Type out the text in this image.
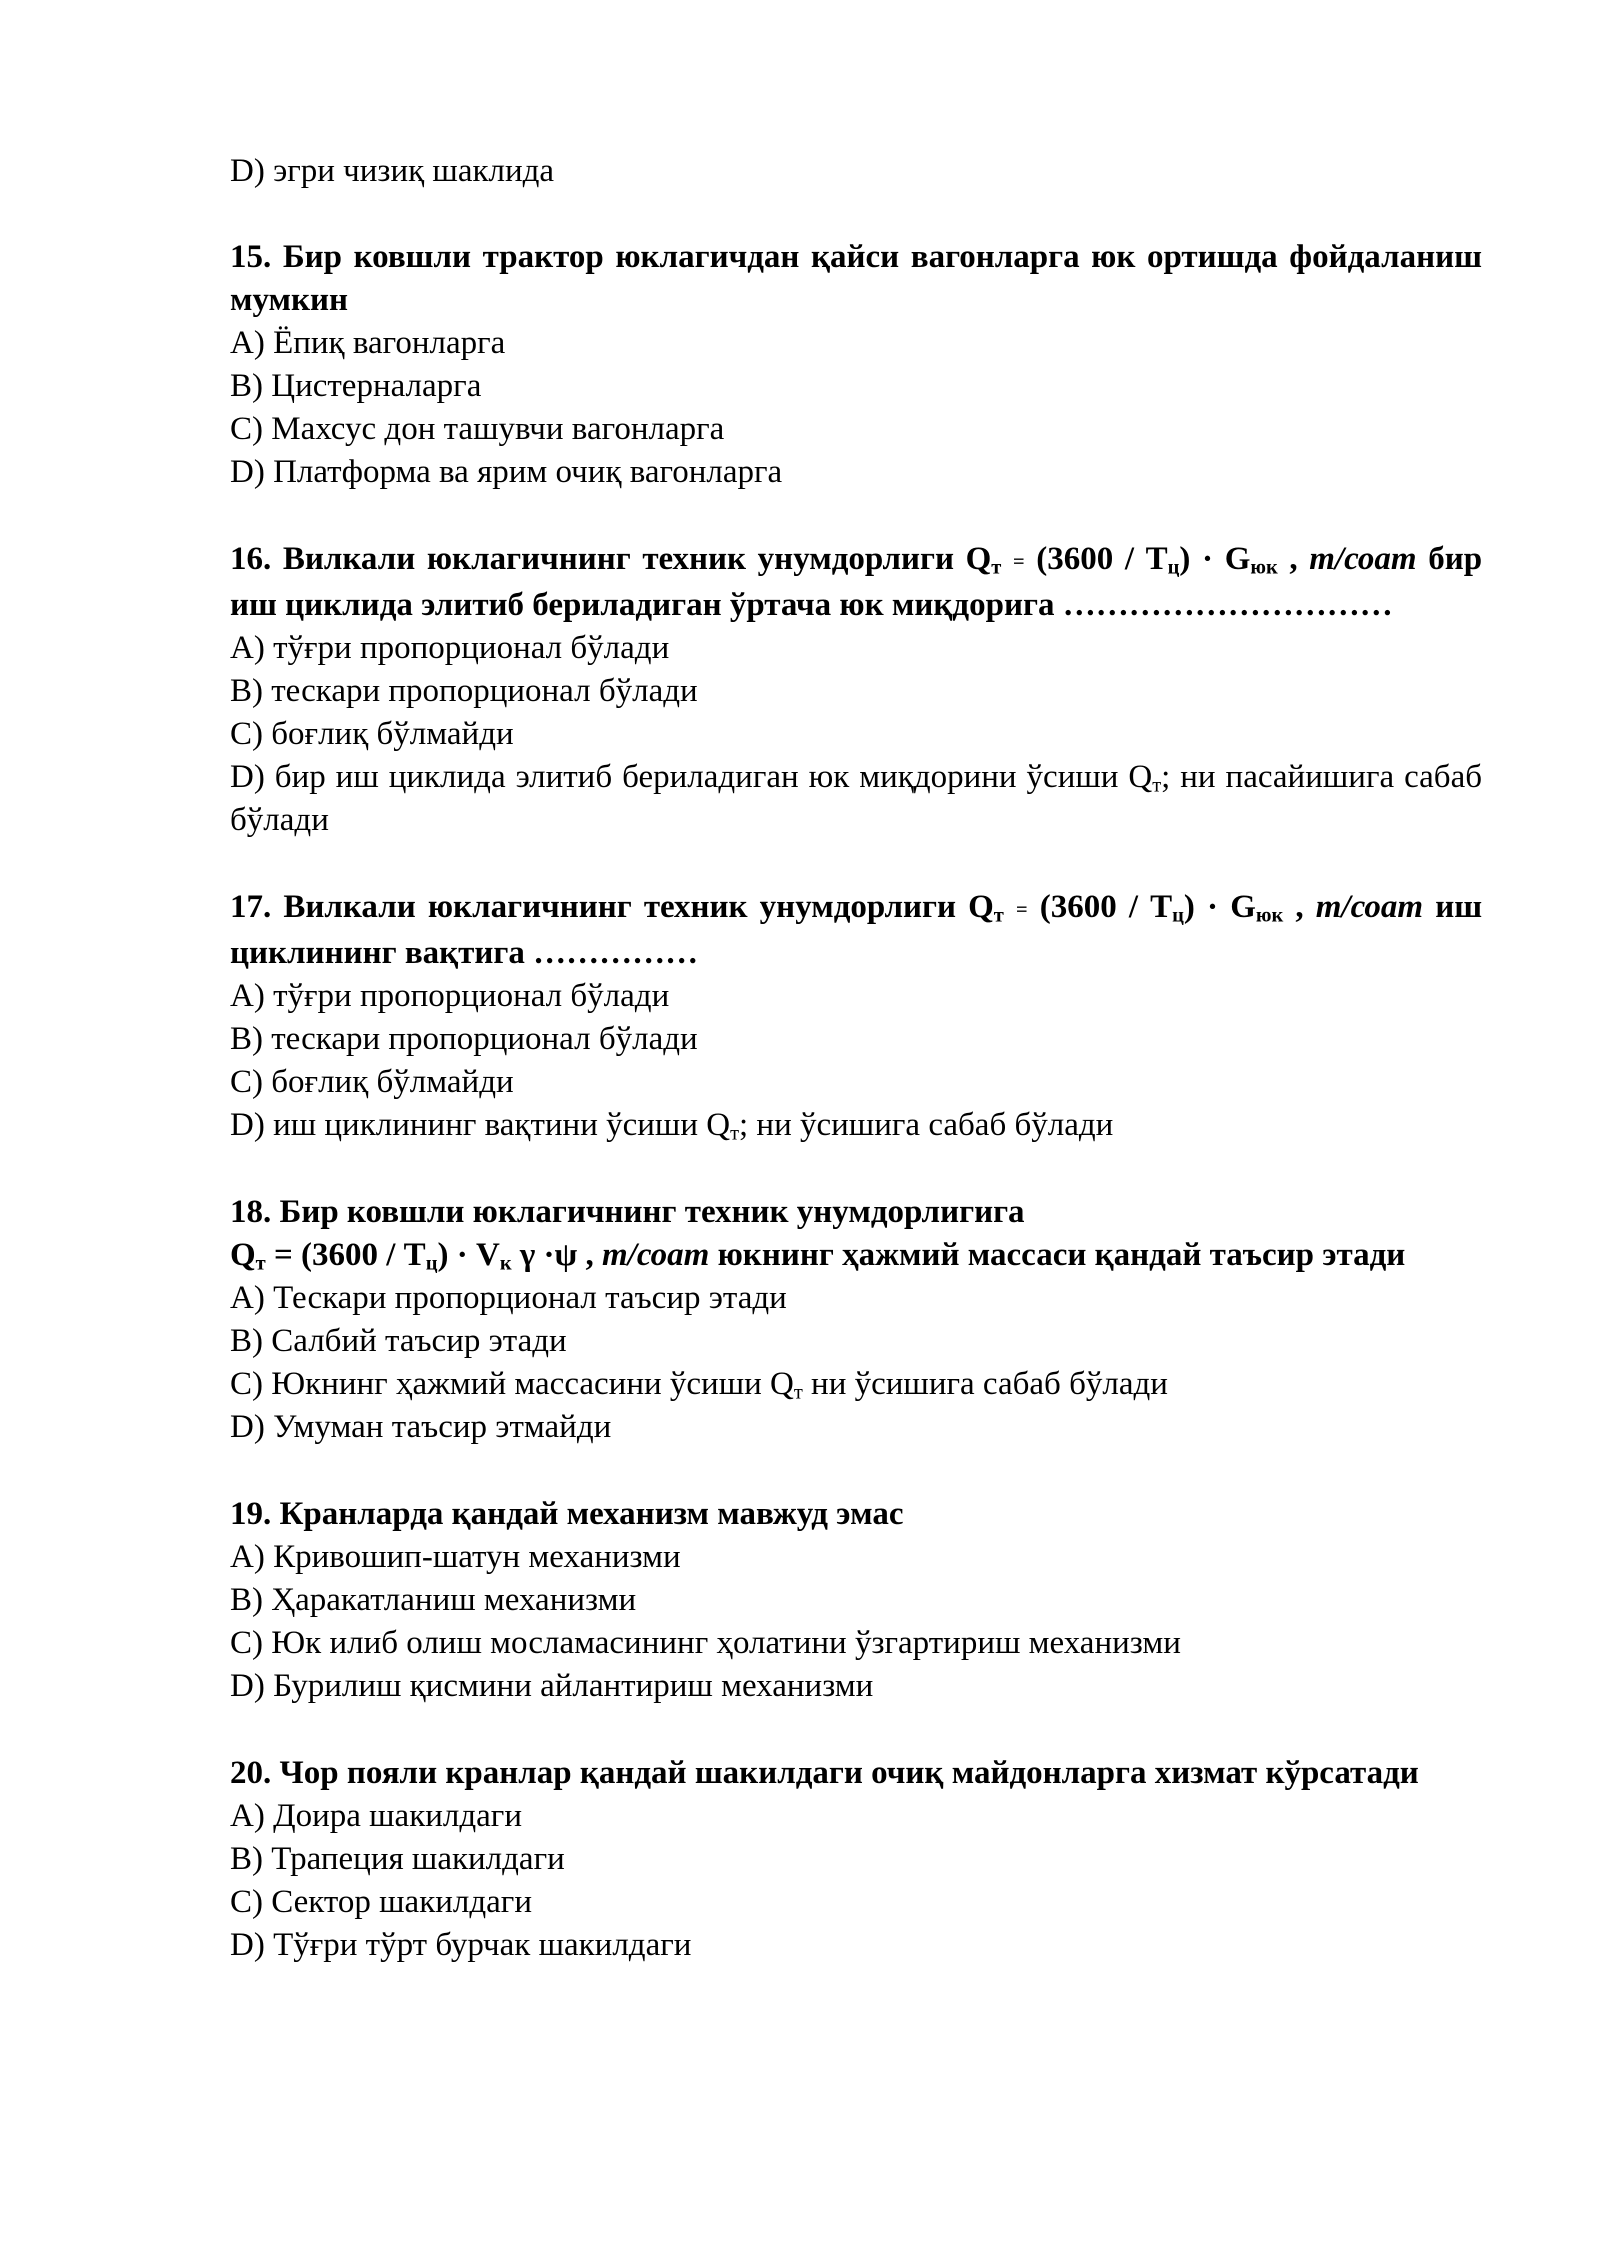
D) эгри чизиқ шаклида
15. Бир ковшли трактор юклагичдан қайси вагонларга юк ортишда фойдаланиш мумкин
A) Ёпиқ вагонларга
B) Цистерналарга
C) Махсус дон ташувчи вагонларга
D) Платформа ва ярим очиқ вагонларга
16. Вилкали юклагичнинг техник унумдорлиги $Q_т = (3600 / T_ц) \cdot G_{юк}$ , т/соат бир иш циклида элитиб бериладиган ўртача юк миқдорига …………………………
A) тўғри пропорционал бўлади
B) тескари пропорционал бўлади
C) боғлиқ бўлмайди
D) бир иш циклида элитиб бериладиган юк миқдорини ўсиши $Q_т$; ни пасайишига сабаб бўлади
17. Вилкали юклагичнинг техник унумдорлиги $Q_т = (3600 / T_ц) \cdot G_{юк}$ , т/соат иш циклининг вақтига ……………
A) тўғри пропорционал бўлади
B) тескари пропорционал бўлади
C) боғлиқ бўлмайди
D) иш циклининг вақтини ўсиши $Q_т$; ни ўсишига сабаб бўлади
18. Бир ковшли юклагичнинг техник унумдорлигига
$Q_т = (3600 / T_ц) \cdot V_к$ γ ·ψ , т/соат юкнинг ҳажмий массаси қандай таъсир этади
A) Тескари пропорционал таъсир этади
B) Салбий таъсир этади
C) Юкнинг ҳажмий массасини ўсиши $Q_т$ ни ўсишига сабаб бўлади
D) Умуман таъсир этмайди
19. Кранларда қандай механизм мавжуд эмас
A) Кривошип-шатун механизми
B) Ҳаракатланиш механизми
C) Юк илиб олиш мосламасининг ҳолатини ўзгартириш механизми
D) Бурилиш қисмини айлантириш механизми
20. Чор пояли кранлар қандай шакилдаги очиқ майдонларга хизмат кўрсатади
A) Доира шакилдаги
B) Трапеция шакилдаги
C) Сектор шакилдаги
D) Тўғри тўрт бурчак шакилдаги
